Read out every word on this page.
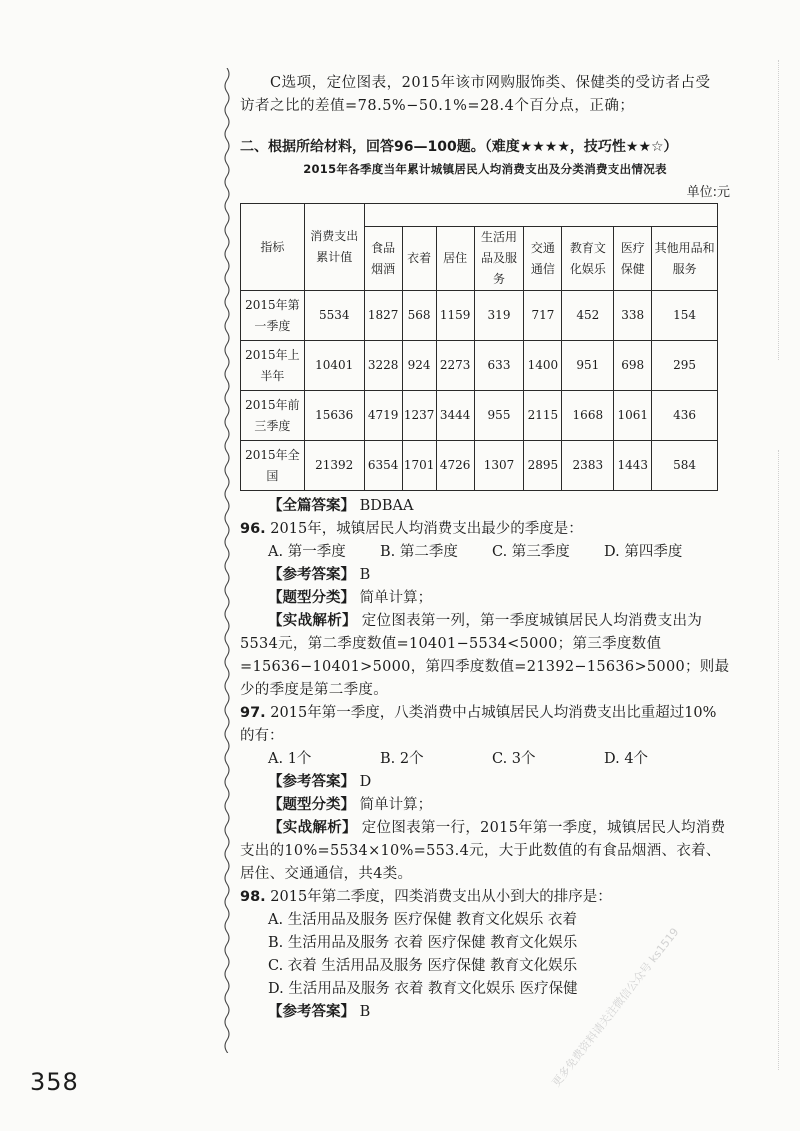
C选项，定位图表，2015年该市网购服饰类、保健类的受访者占受

访者之比的差值=78.5%−50.1%=28.4个百分点，正确；

二、根据所给材料，回答96—100题。（难度★★★★，技巧性★★☆）

2015年各季度当年累计城镇居民人均消费支出及分类消费支出情况表

单位:元

指标	消费支出累计值								
		食品烟酒	衣着	居住	生活用品及服务	交通通信	教育文化娱乐	医疗保健	其他用品和服务
2015年第一季度	5534	1827	568	1159	319	717	452	338	154
2015年上半年	10401	3228	924	2273	633	1400	951	698	295
2015年前三季度	15636	4719	1237	3444	955	2115	1668	1061	436
2015年全国	21392	6354	1701	4726	1307	2895	2383	1443	584

【全篇答案】 BDBAA

96. 2015年，城镇居民人均消费支出最少的季度是：

A. 第一季度	B. 第二季度	C. 第三季度	D. 第四季度

【参考答案】 B

【题型分类】 简单计算；

【实战解析】 定位图表第一列，第一季度城镇居民人均消费支出为5534元，第二季度数值=10401−5534<5000；第三季度数值=15636−10401>5000，第四季度数值=21392−15636>5000；则最少的季度是第二季度。

97. 2015年第一季度，八类消费中占城镇居民人均消费支出比重超过10%的有：

A. 1个	B. 2个	C. 3个	D. 4个

【参考答案】 D

【题型分类】 简单计算；

【实战解析】 定位图表第一行，2015年第一季度，城镇居民人均消费支出的10%=5534×10%=553.4元，大于此数值的有食品烟酒、衣着、居住、交通通信，共4类。

98. 2015年第二季度，四类消费支出从小到大的排序是：

A. 生活用品及服务 医疗保健 教育文化娱乐 衣着

B. 生活用品及服务 衣着 医疗保健 教育文化娱乐

C. 衣着 生活用品及服务 医疗保健 教育文化娱乐

D. 生活用品及服务 衣着 教育文化娱乐 医疗保健

【参考答案】 B

358	更多免费资料请关注微信公众号 ks1519
